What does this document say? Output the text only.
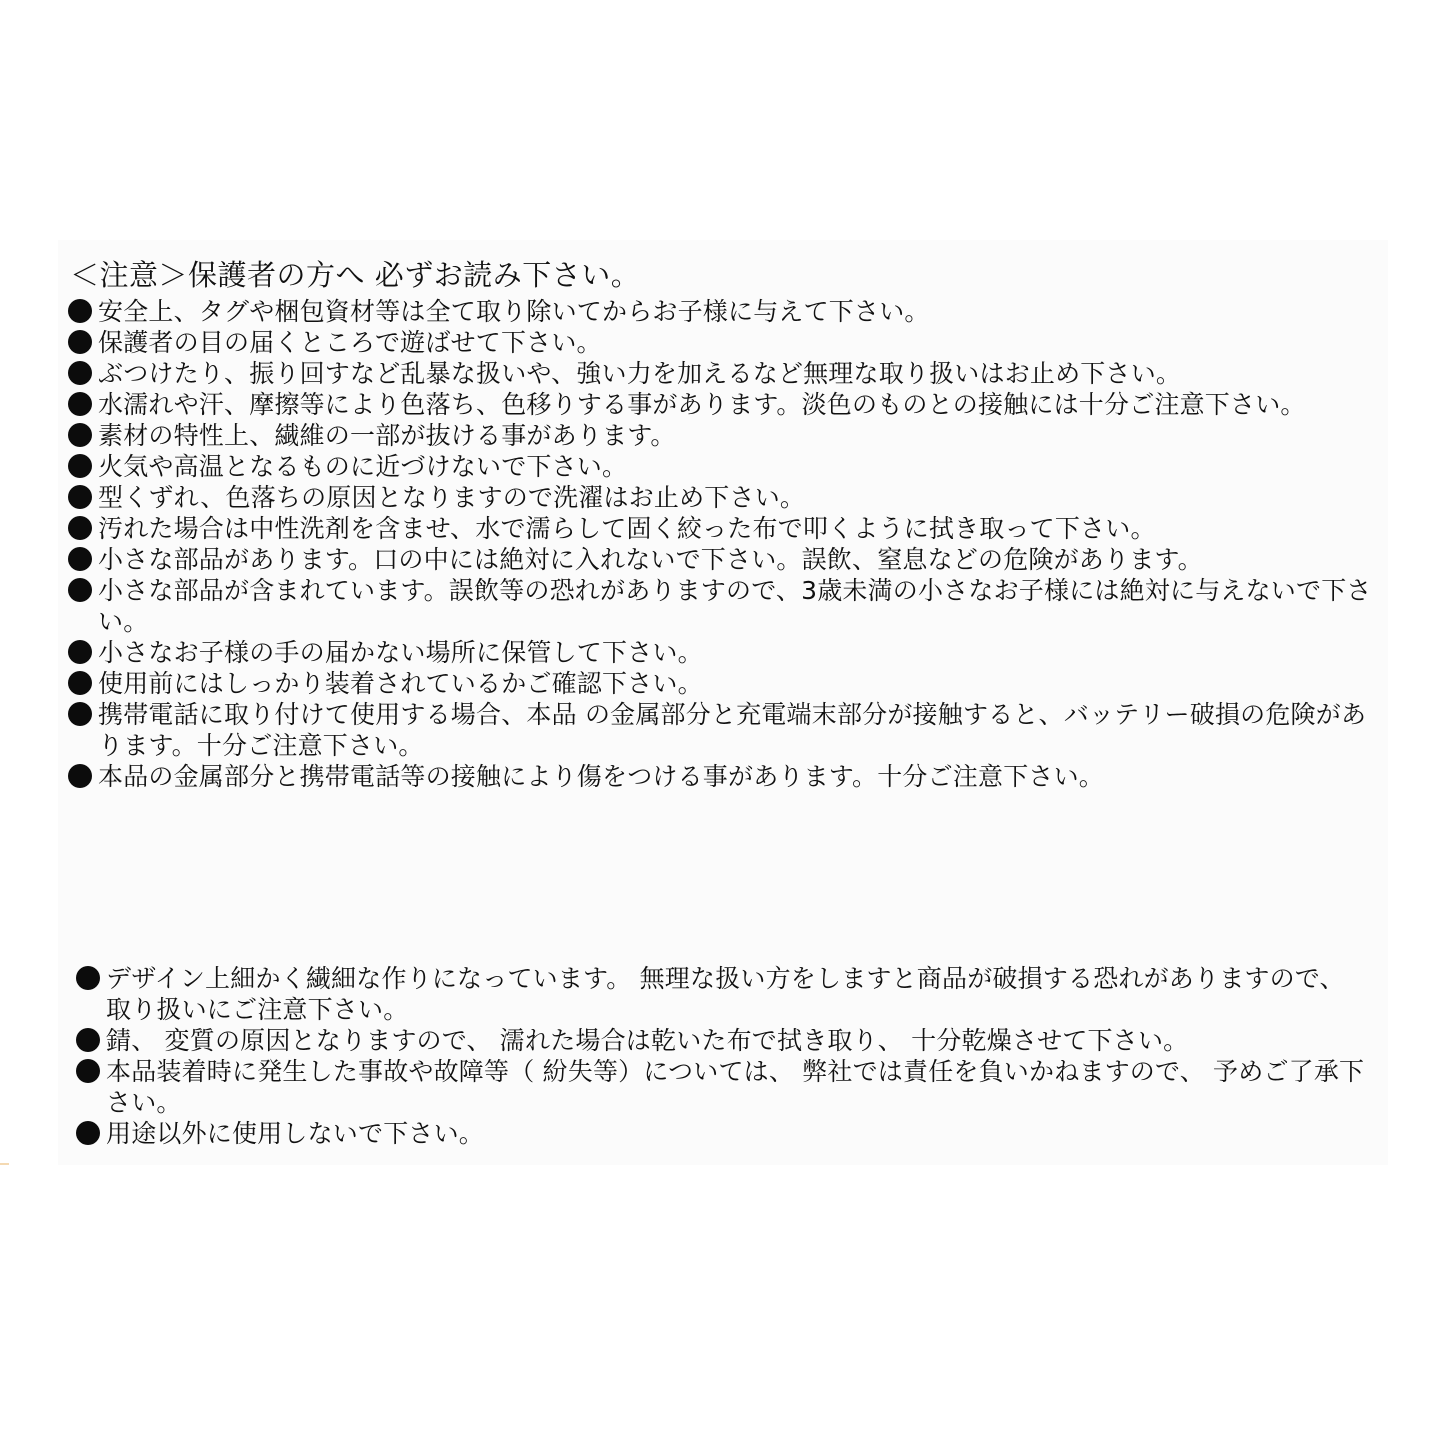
＜注意＞保護者の方へ 必ずお読み下さい。
安全上、タグや梱包資材等は全て取り除いてからお子様に与えて下さい。
保護者の目の届くところで遊ばせて下さい。
ぶつけたり、振り回すなど乱暴な扱いや、強い力を加えるなど無理な取り扱いはお止め下さい。
水濡れや汗、摩擦等により色落ち、色移りする事があります。淡色のものとの接触には十分ご注意下さい。
素材の特性上、繊維の一部が抜ける事があります。
火気や高温となるものに近づけないで下さい。
型くずれ、色落ちの原因となりますので洗濯はお止め下さい。
汚れた場合は中性洗剤を含ませ、水で濡らして固く絞った布で叩くように拭き取って下さい。
小さな部品があります。口の中には絶対に入れないで下さい。誤飲、窒息などの危険があります。
小さな部品が含まれています。誤飲等の恐れがありますので、3歳未満の小さなお子様には絶対に与えないで下さい。
小さなお子様の手の届かない場所に保管して下さい。
使用前にはしっかり装着されているかご確認下さい。
携帯電話に取り付けて使用する場合、本品 の金属部分と充電端末部分が接触すると、バッテリー破損の危険があります。十分ご注意下さい。
本品の金属部分と携帯電話等の接触により傷をつける事があります。十分ご注意下さい。
デザイン上細かく繊細な作りになっています。 無理な扱い方をしますと商品が破損する恐れがありますので、 取り扱いにご注意下さい。
錆、 変質の原因となりますので、 濡れた場合は乾いた布で拭き取り、 十分乾燥させて下さい。
本品装着時に発生した事故や故障等（ 紛失等）については、 弊社では責任を負いかねますので、 予めご了承下さい。
用途以外に使用しないで下さい。
